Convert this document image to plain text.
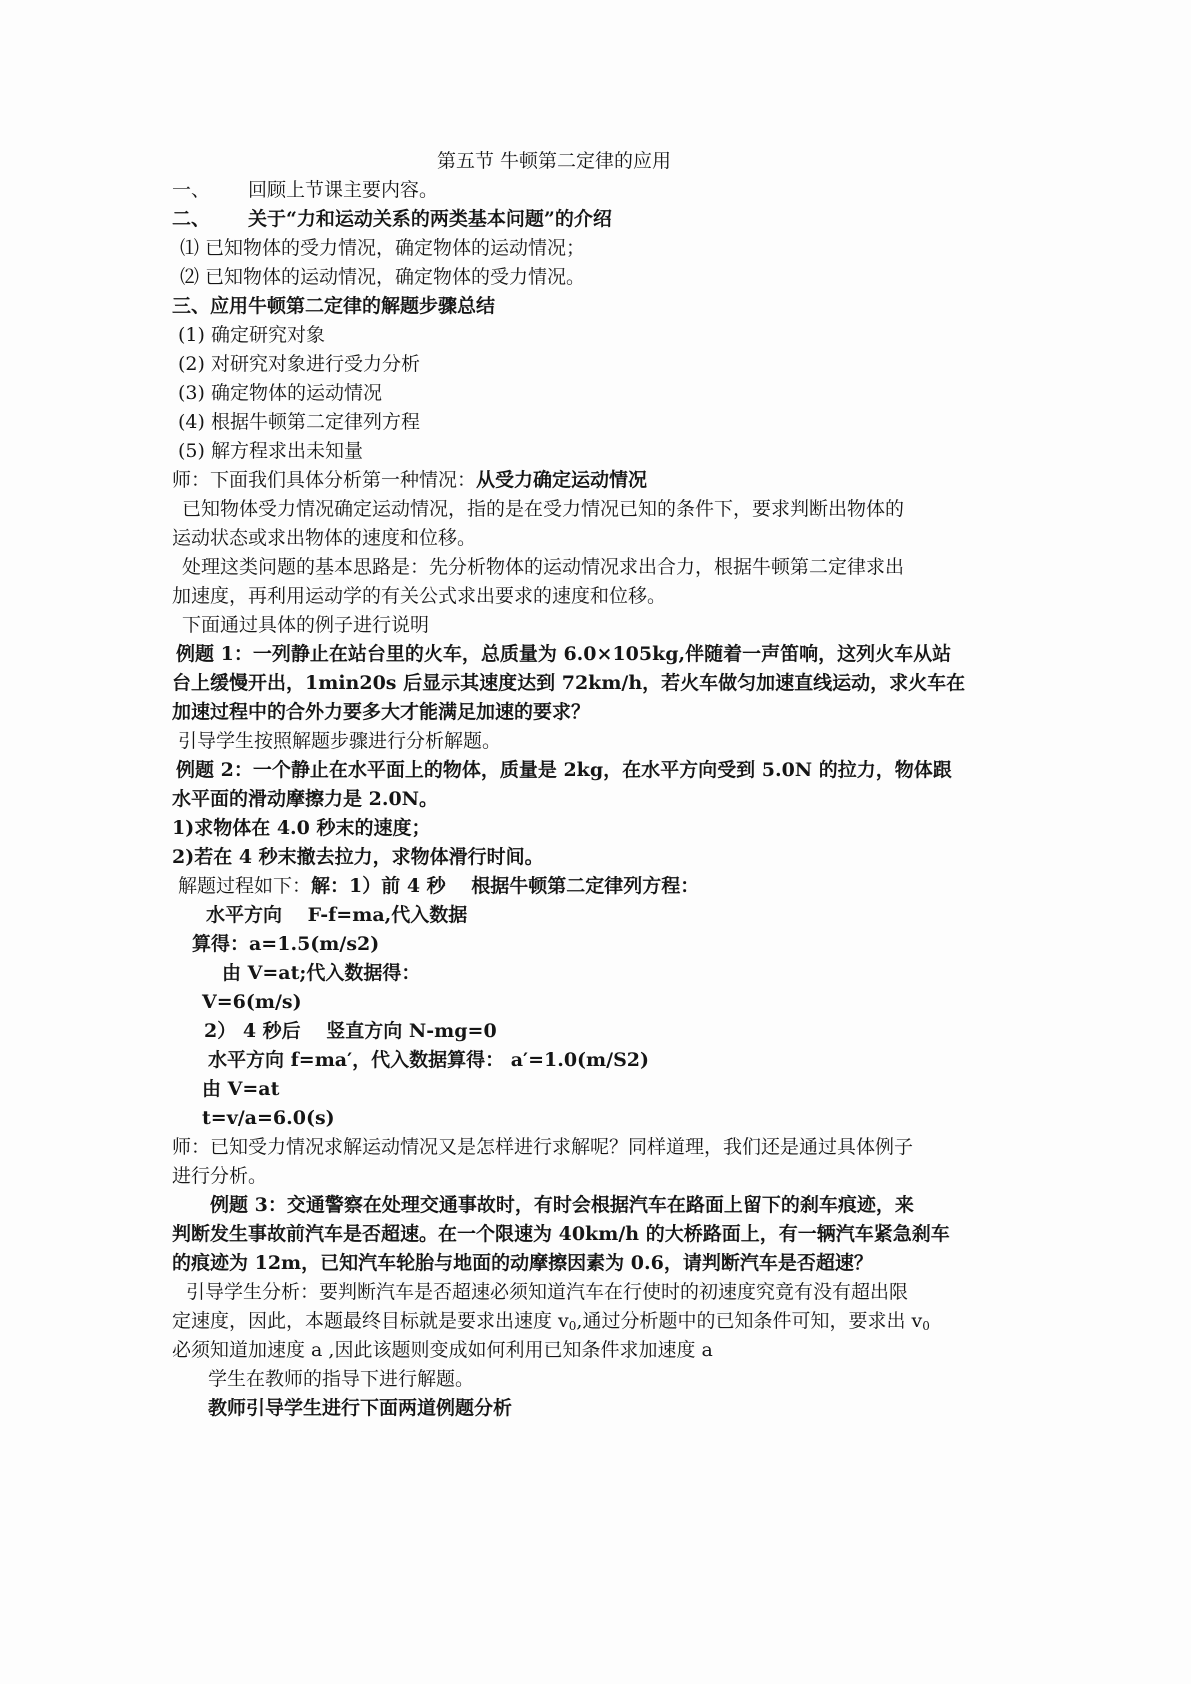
第五节 牛顿第二定律的应用
一、 回顾上节课主要内容。
二、 关于“力和运动关系的两类基本问题”的介绍
⑴ 已知物体的受力情况，确定物体的运动情况；
⑵ 已知物体的运动情况，确定物体的受力情况。
三、应用牛顿第二定律的解题步骤总结
(1) 确定研究对象
(2) 对研究对象进行受力分析
(3) 确定物体的运动情况
(4) 根据牛顿第二定律列方程
(5) 解方程求出未知量
师：下面我们具体分析第一种情况：从受力确定运动情况
已知物体受力情况确定运动情况，指的是在受力情况已知的条件下，要求判断出物体的
运动状态或求出物体的速度和位移。
处理这类问题的基本思路是：先分析物体的运动情况求出合力，根据牛顿第二定律求出
加速度，再利用运动学的有关公式求出要求的速度和位移。
下面通过具体的例子进行说明
例题 1：一列静止在站台里的火车，总质量为 6.0×105kg,伴随着一声笛响，这列火车从站
台上缓慢开出，1min20s 后显示其速度达到 72km/h，若火车做匀加速直线运动，求火车在
加速过程中的合外力要多大才能满足加速的要求？
引导学生按照解题步骤进行分析解题。
例题 2：一个静止在水平面上的物体，质量是 2kg，在水平方向受到 5.0N 的拉力，物体跟
水平面的滑动摩擦力是 2.0N。
1)求物体在 4.0 秒末的速度；
2)若在 4 秒末撤去拉力，求物体滑行时间。
解题过程如下：解：1）前 4 秒　 根据牛顿第二定律列方程：
水平方向　 F-f=ma,代入数据
算得：a=1.5(m/s2)
由 V=at;代入数据得：
V=6(m/s)
2） 4 秒后　 竖直方向 N-mg=0
水平方向 f=ma′，代入数据算得： a′=1.0(m/S2)
由 V=at
t=v/a=6.0(s)
师：已知受力情况求解运动情况又是怎样进行求解呢？同样道理，我们还是通过具体例子
进行分析。
例题 3：交通警察在处理交通事故时，有时会根据汽车在路面上留下的刹车痕迹，来
判断发生事故前汽车是否超速。在一个限速为 40km/h 的大桥路面上，有一辆汽车紧急刹车
的痕迹为 12m，已知汽车轮胎与地面的动摩擦因素为 0.6，请判断汽车是否超速？
引导学生分析：要判断汽车是否超速必须知道汽车在行使时的初速度究竟有没有超出限
定速度，因此，本题最终目标就是要求出速度 $v_0$,通过分析题中的已知条件可知，要求出 $v_0$
必须知道加速度 a ,因此该题则变成如何利用已知条件求加速度 a
学生在教师的指导下进行解题。
教师引导学生进行下面两道例题分析
